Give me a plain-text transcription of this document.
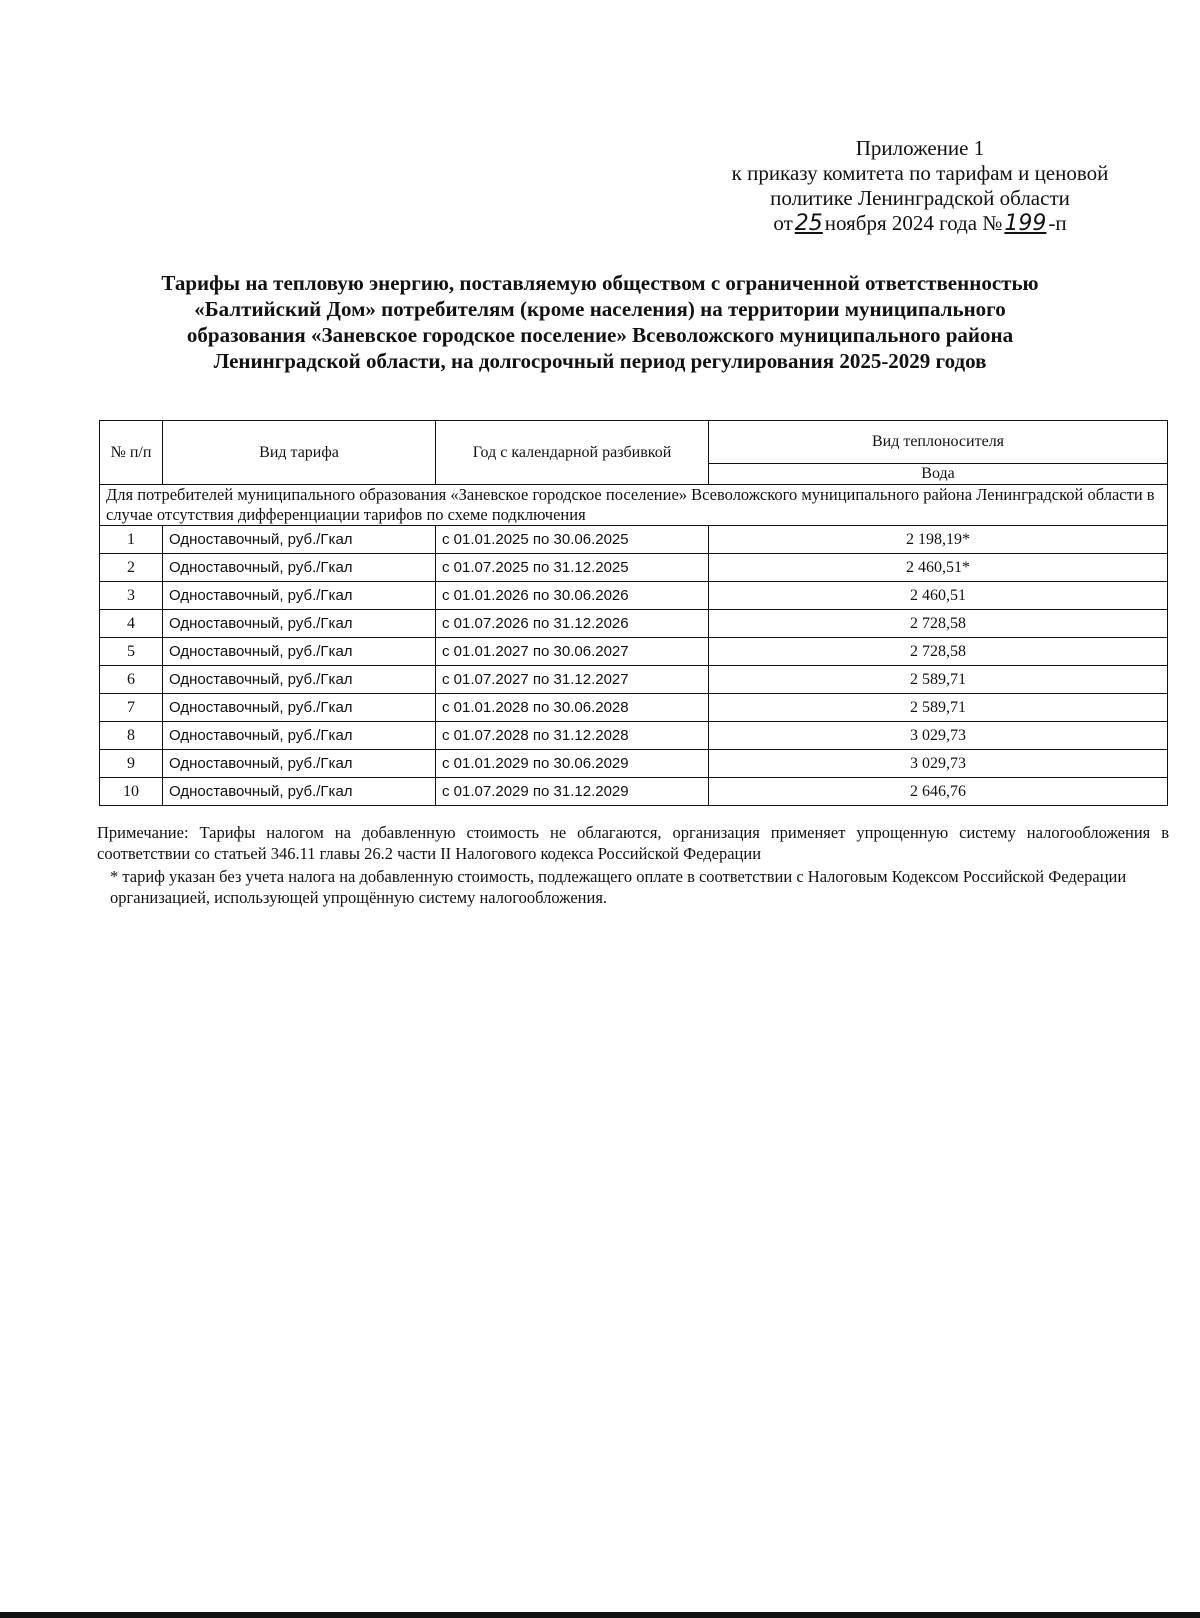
Приложение 1
к приказу комитета по тарифам и ценовой
политике Ленинградской области
от25ноября 2024 года №199-п
Тарифы на тепловую энергию, поставляемую обществом с ограниченной ответственностью
«Балтийский Дом» потребителям (кроме населения) на территории муниципального
образования «Заневское городское поселение» Всеволожского муниципального района
Ленинградской области, на долгосрочный период регулирования 2025-2029 годов
№ п/п	Вид тарифа	Год с календарной разбивкой	Вид теплоносителя
			Вода
Для потребителей муниципального образования «Заневское городское поселение» Всеволожского муниципального района Ленинградской области в случае отсутствия дифференциации тарифов по схеме подключения			
1	Одноставочный, руб./Гкал	с 01.01.2025 по 30.06.2025	2 198,19*
2	Одноставочный, руб./Гкал	с 01.07.2025 по 31.12.2025	2 460,51*
3	Одноставочный, руб./Гкал	с 01.01.2026 по 30.06.2026	2 460,51
4	Одноставочный, руб./Гкал	с 01.07.2026 по 31.12.2026	2 728,58
5	Одноставочный, руб./Гкал	с 01.01.2027 по 30.06.2027	2 728,58
6	Одноставочный, руб./Гкал	с 01.07.2027 по 31.12.2027	2 589,71
7	Одноставочный, руб./Гкал	с 01.01.2028 по 30.06.2028	2 589,71
8	Одноставочный, руб./Гкал	с 01.07.2028 по 31.12.2028	3 029,73
9	Одноставочный, руб./Гкал	с 01.01.2029 по 30.06.2029	3 029,73
10	Одноставочный, руб./Гкал	с 01.07.2029 по 31.12.2029	2 646,76
Примечание: Тарифы налогом на добавленную стоимость не облагаются, организация применяет упрощенную систему налогообложения в соответствии со статьей 346.11 главы 26.2 части II Налогового кодекса Российской Федерации
* тариф указан без учета налога на добавленную стоимость, подлежащего оплате в соответствии с Налоговым Кодексом Российской Федерации организацией, использующей упрощённую систему налогообложения.
